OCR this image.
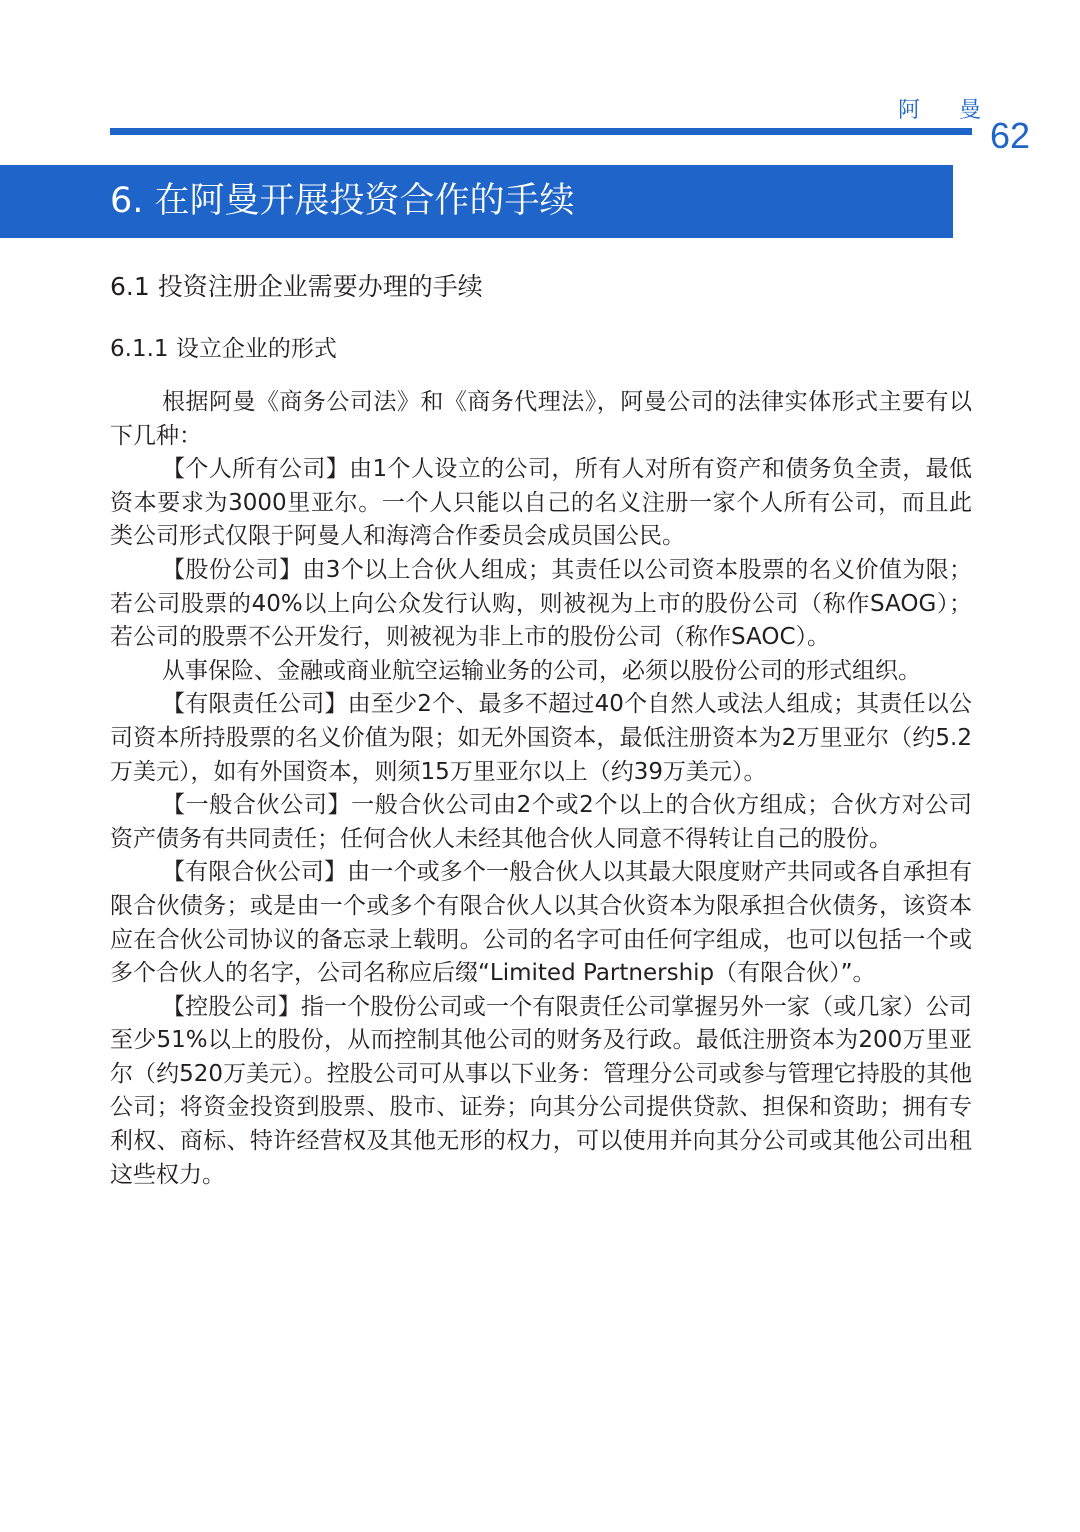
阿 曼
62
6. 在阿曼开展投资合作的手续
6.1 投资注册企业需要办理的手续
6.1.1 设立企业的形式

根据阿曼《商务公司法》和《商务代理法》，阿曼公司的法律实体形式主要有以下几种：

【个人所有公司】由1个人设立的公司，所有人对所有资产和债务负全责，最低资本要求为3000里亚尔。一个人只能以自己的名义注册一家个人所有公司，而且此类公司形式仅限于阿曼人和海湾合作委员会成员国公民。

【股份公司】由3个以上合伙人组成；其责任以公司资本股票的名义价值为限；若公司股票的40%以上向公众发行认购，则被视为上市的股份公司（称作SAOG）；若公司的股票不公开发行，则被视为非上市的股份公司（称作SAOC）。

从事保险、金融或商业航空运输业务的公司，必须以股份公司的形式组织。

【有限责任公司】由至少2个、最多不超过40个自然人或法人组成；其责任以公司资本所持股票的名义价值为限；如无外国资本，最低注册资本为2万里亚尔（约5.2万美元），如有外国资本，则须15万里亚尔以上（约39万美元）。

【一般合伙公司】一般合伙公司由2个或2个以上的合伙方组成；合伙方对公司资产债务有共同责任；任何合伙人未经其他合伙人同意不得转让自己的股份。

【有限合伙公司】由一个或多个一般合伙人以其最大限度财产共同或各自承担有限合伙债务；或是由一个或多个有限合伙人以其合伙资本为限承担合伙债务，该资本应在合伙公司协议的备忘录上载明。公司的名字可由任何字组成，也可以包括一个或多个合伙人的名字，公司名称应后缀“Limited Partnership（有限合伙）”。

【控股公司】指一个股份公司或一个有限责任公司掌握另外一家（或几家）公司至少51%以上的股份，从而控制其他公司的财务及行政。最低注册资本为200万里亚尔（约520万美元）。控股公司可从事以下业务：管理分公司或参与管理它持股的其他公司；将资金投资到股票、股市、证券；向其分公司提供贷款、担保和资助；拥有专利权、商标、特许经营权及其他无形的权力，可以使用并向其分公司或其他公司出租这些权力。
